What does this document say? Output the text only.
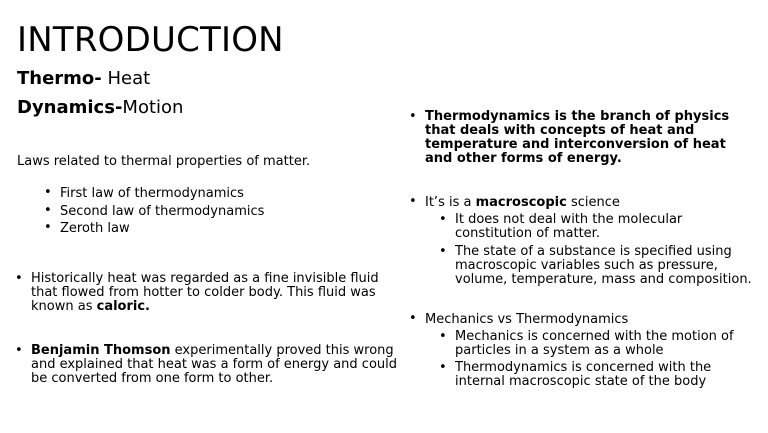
INTRODUCTION
Thermo- Heat
Dynamics-Motion
Laws related to thermal properties of matter.
• First law of thermodynamics
• Second law of thermodynamics
• Zeroth law
• Historically heat was regarded as a fine invisible fluid that flowed from hotter to colder body. This fluid was known as caloric.
• Benjamin Thomson experimentally proved this wrong and explained that heat was a form of energy and could be converted from one form to other.
• Thermodynamics is the branch of physics that deals with concepts of heat and temperature and interconversion of heat and other forms of energy.
• It’s is a macroscopic science
• It does not deal with the molecular constitution of matter.
• The state of a substance is specified using macroscopic variables such as pressure, volume, temperature, mass and composition.
• Mechanics vs Thermodynamics
• Mechanics is concerned with the motion of particles in a system as a whole
• Thermodynamics is concerned with the internal macroscopic state of the body
